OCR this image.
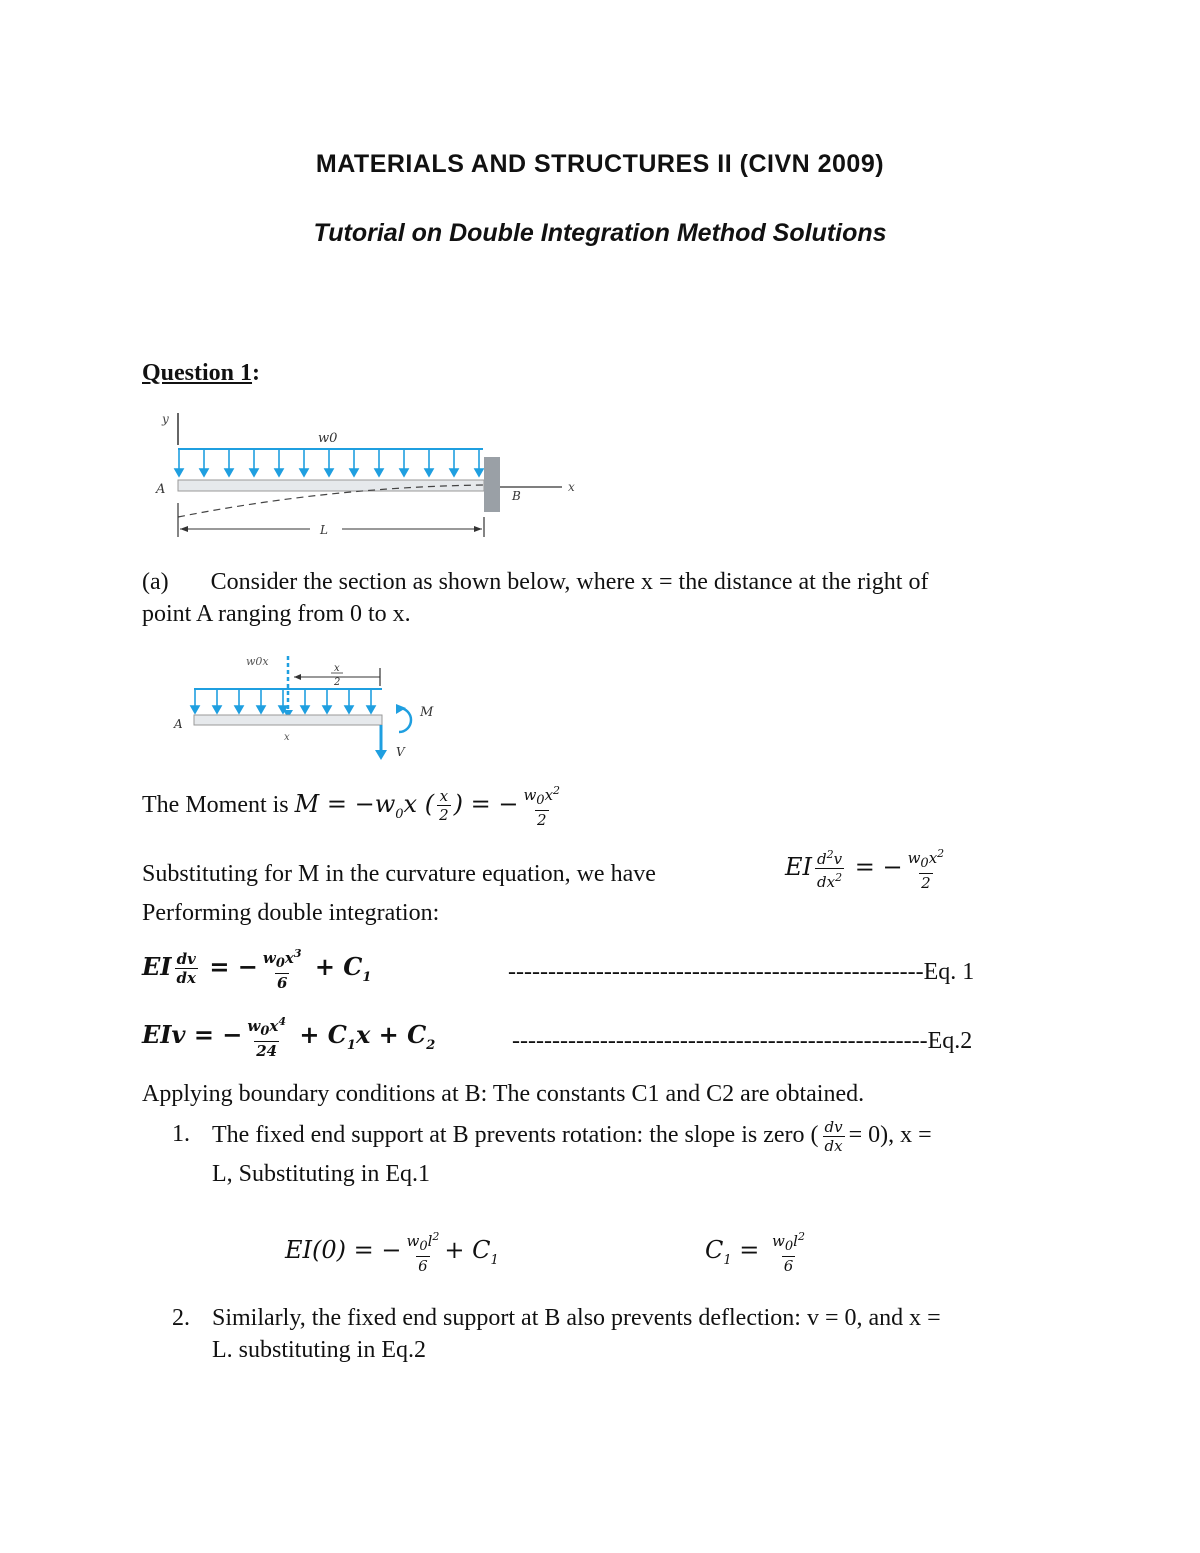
MATERIALS AND STRUCTURES II (CIVN 2009)
Tutorial on Double Integration Method Solutions
Question 1:
y
w0
x
A	B
L
(a) Consider the section as shown below, where x = the distance at the right of
point A ranging from 0 to x.
w0x
x
2
A
x
M
V
The Moment is $M = -w_0x$ ( $\frac{x}{2}$ ) = − $\frac{w0x^2}{2}$
Substituting for M in the curvature equation, we have	EI $\frac{d^2v}{dx^2}$ = − $\frac{w0x^2}{2}$
Performing double integration:
EI $\frac{dv}{dx}$ = − $\frac{w0x^3}{6} + C_1$	----------------------------------------------------Eq. 1
EIv = − $\frac{w0x^4}{24} + C_1x + C_2$	----------------------------------------------------Eq.2
Applying boundary conditions at B: The constants C1 and C2 are obtained.
1. The fixed end support at B prevents rotation: the slope is zero ( $\frac{dv}{dx} = 0$), x =
L, Substituting in Eq.1
EI(0) = − $\frac{w0l^2}{6} + C_1$	$C_1 = \frac{w0l^2}{6}$
2. Similarly, the fixed end support at B also prevents deflection: v = 0, and x =
L. substituting in Eq.2
